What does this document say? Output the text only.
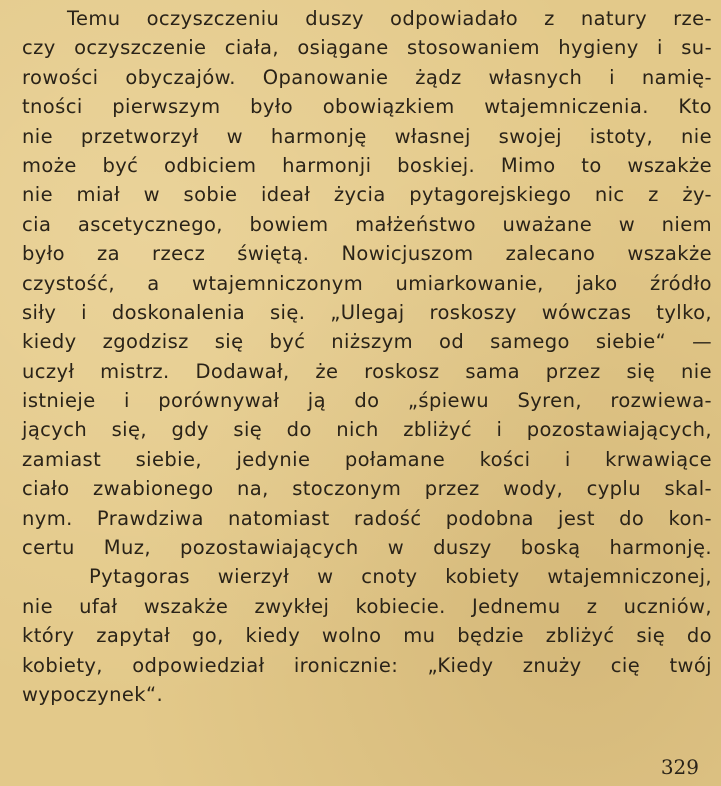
Temu oczyszczeniu duszy odpowiadało z natury rze-
czy oczyszczenie ciała, osiągane stosowaniem hygieny i su-
rowości obyczajów. Opanowanie żądz własnych i namię-
tności pierwszym było obowiązkiem wtajemniczenia. Kto
nie przetworzył w harmonję własnej swojej istoty, nie
może być odbiciem harmonji boskiej. Mimo to wszakże
nie miał w sobie ideał życia pytagorejskiego nic z ży-
cia ascetycznego, bowiem małżeństwo uważane w niem
było za rzecz świętą. Nowicjuszom zalecano wszakże
czystość, a wtajemniczonym umiarkowanie, jako źródło
siły i doskonalenia się. „Ulegaj roskoszy wówczas tylko,
kiedy zgodzisz się być niższym od samego siebie“ —
uczył mistrz. Dodawał, że roskosz sama przez się nie
istnieje i porównywał ją do „śpiewu Syren, rozwiewa-
jących się, gdy się do nich zbliżyć i pozostawiających,
zamiast siebie, jedynie połamane kości i krwawiące
ciało zwabionego na, stoczonym przez wody, cyplu skal-
nym. Prawdziwa natomiast radość podobna jest do kon-
certu Muz, pozostawiających w duszy boską harmonję.
Pytagoras wierzył w cnoty kobiety wtajemniczonej,
nie ufał wszakże zwykłej kobiecie. Jednemu z uczniów,
który zapytał go, kiedy wolno mu będzie zbliżyć się do
kobiety, odpowiedział ironicznie: „Kiedy znuży cię twój
wypoczynek“.
329
